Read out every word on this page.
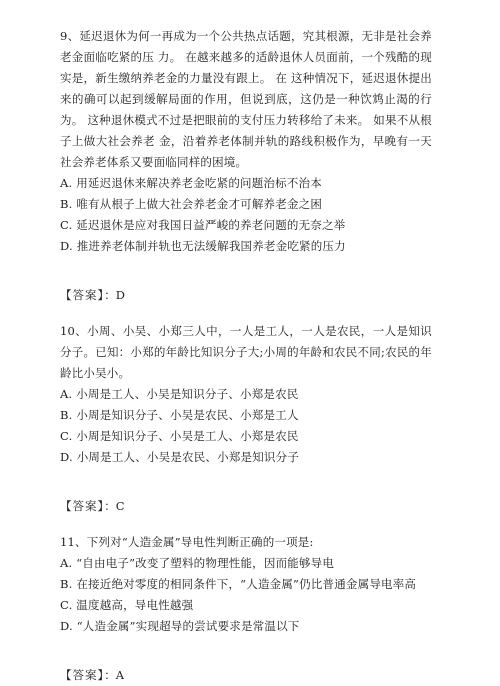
9、延迟退休为何一再成为一个公共热点话题，究其根源，无非是社会养老金面临吃紧的压 力。 在越来越多的适龄退休人员面前，一个残酷的现实是，新生缴纳养老金的力量没有跟上。 在 这种情况下，延迟退休提出来的确可以起到缓解局面的作用，但说到底，这仍是一种饮鸩止渴的行为。 这种退休模式不过是把眼前的支付压力转移给了未来。 如果不从根子上做大社会养老 金，沿着养老体制并轨的路线积极作为，早晚有一天社会养老体系又要面临同样的困境。

A. 用延迟退休来解决养老金吃紧的问题治标不治本

B. 唯有从根子上做大社会养老金才可解养老金之困

C. 延迟退休是应对我国日益严峻的养老问题的无奈之举

D. 推进养老体制并轨也无法缓解我国养老金吃紧的压力

【答案】：D

10、小周、小吴、小郑三人中，一人是工人，一人是农民，一人是知识分子。已知：小郑的年龄比知识分子大;小周的年龄和农民不同;农民的年龄比小吴小。

A. 小周是工人、小吴是知识分子、小郑是农民

B. 小周是知识分子、小吴是农民、小郑是工人

C. 小周是知识分子、小吴是工人、小郑是农民

D. 小周是工人、小吴是农民、小郑是知识分子

【答案】：C

11、下列对“人造金属”导电性判断正确的一项是:

A. “自由电子”改变了塑料的物理性能，因而能够导电

B. 在接近绝对零度的相同条件下，“人造金属”仍比普通金属导电率高

C. 温度越高，导电性越强

D. “人造金属”实现超导的尝试要求是常温以下

【答案】：A
